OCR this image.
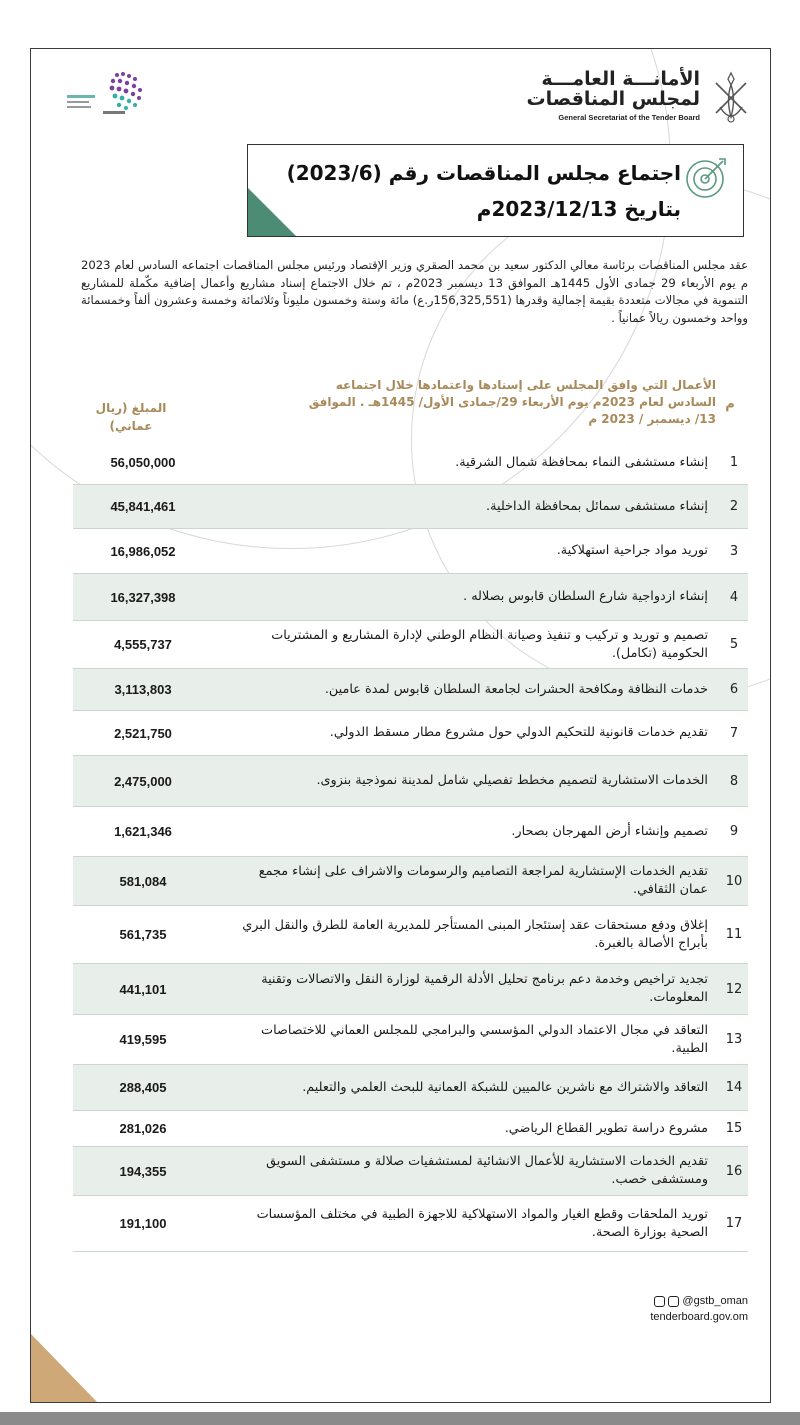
الأمانـــة العامـــة
لمجلس المناقصات
General Secretariat of the Tender Board
اجتماع مجلس المناقصات رقم (2023/6)
بتاريخ 2023/12/13م
عقد مجلس المناقصات برئاسة معالي الدكتور سعيد بن محمد الصقري وزير الإقتصاد ورئيس مجلس المناقصات اجتماعه السادس لعام 2023 م يوم الأربعاء 29 جمادى الأول 1445هـ الموافق 13 ديسمبر 2023م ، تم خلال الاجتماع إسناد مشاريع وأعمال إضافية مكّملة للمشاريع التنموية في مجالات متعددة بقيمة إجمالية وقدرها (156,325,551ر.ع) مائة وستة وخمسون مليوناً وثلاثمائة وخمسة وعشرون ألفاً وخمسمائة وواحد وخمسون ريالاً عمانياً .
م
الأعمال التي وافق المجلس على إسنادها واعتمادها خلال اجتماعه السادس لعام 2023م يوم الأربعاء 29/جمادى الأول/ 1445هـ . الموافق 13/ ديسمبر / 2023 م
المبلغ (ريال عماني)
1
إنشاء مستشفى النماء بمحافظة شمال الشرقية.
56,050,000
2
إنشاء مستشفى سمائل بمحافظة الداخلية.
45,841,461
3
توريد مواد جراحية استهلاكية.
16,986,052
4
إنشاء ازدواجية شارع السلطان قابوس بصلاله .
16,327,398
5
تصميم و توريد و تركيب و تنفيذ وصيانة النظام الوطني لإدارة المشاريع و المشتريات الحكومية (تكامل).
4,555,737
6
خدمات النظافة ومكافحة الحشرات لجامعة السلطان قابوس لمدة عامين.
3,113,803
7
تقديم خدمات قانونية للتحكيم الدولي حول مشروع مطار مسقط الدولي.
2,521,750
8
الخدمات الاستشارية لتصميم مخطط تفصيلي شامل لمدينة نموذجية بنزوى.
2,475,000
9
تصميم وإنشاء أرض المهرجان بصحار.
1,621,346
10
تقديم الخدمات الإستشارية لمراجعة التصاميم والرسومات والاشراف على إنشاء مجمع عمان الثقافي.
581,084
11
إغلاق ودفع مستحقات عقد إستئجار المبنى المستأجر للمديرية العامة للطرق والنقل البري بأبراج الأصالة بالغبرة.
561,735
12
تجديد تراخيص وخدمة دعم برنامج تحليل الأدلة الرقمية لوزارة النقل والاتصالات وتقنية المعلومات.
441,101
13
التعاقد في مجال الاعتماد الدولي المؤسسي والبرامجي للمجلس العماني للاختصاصات الطبية.
419,595
14
التعاقد والاشتراك مع ناشرين عالميين للشبكة العمانية للبحث العلمي والتعليم.
288,405
15
مشروع دراسة تطوير القطاع الرياضي.
281,026
16
تقديم الخدمات الاستشارية للأعمال الانشائية لمستشفيات صلالة و مستشفى السويق ومستشفى خصب.
194,355
17
توريد الملحقات وقطع الغيار والمواد الاستهلاكية للاجهزة الطبية في مختلف المؤسسات الصحية بوزارة الصحة.
191,100
@gstb_oman
tenderboard.gov.om
